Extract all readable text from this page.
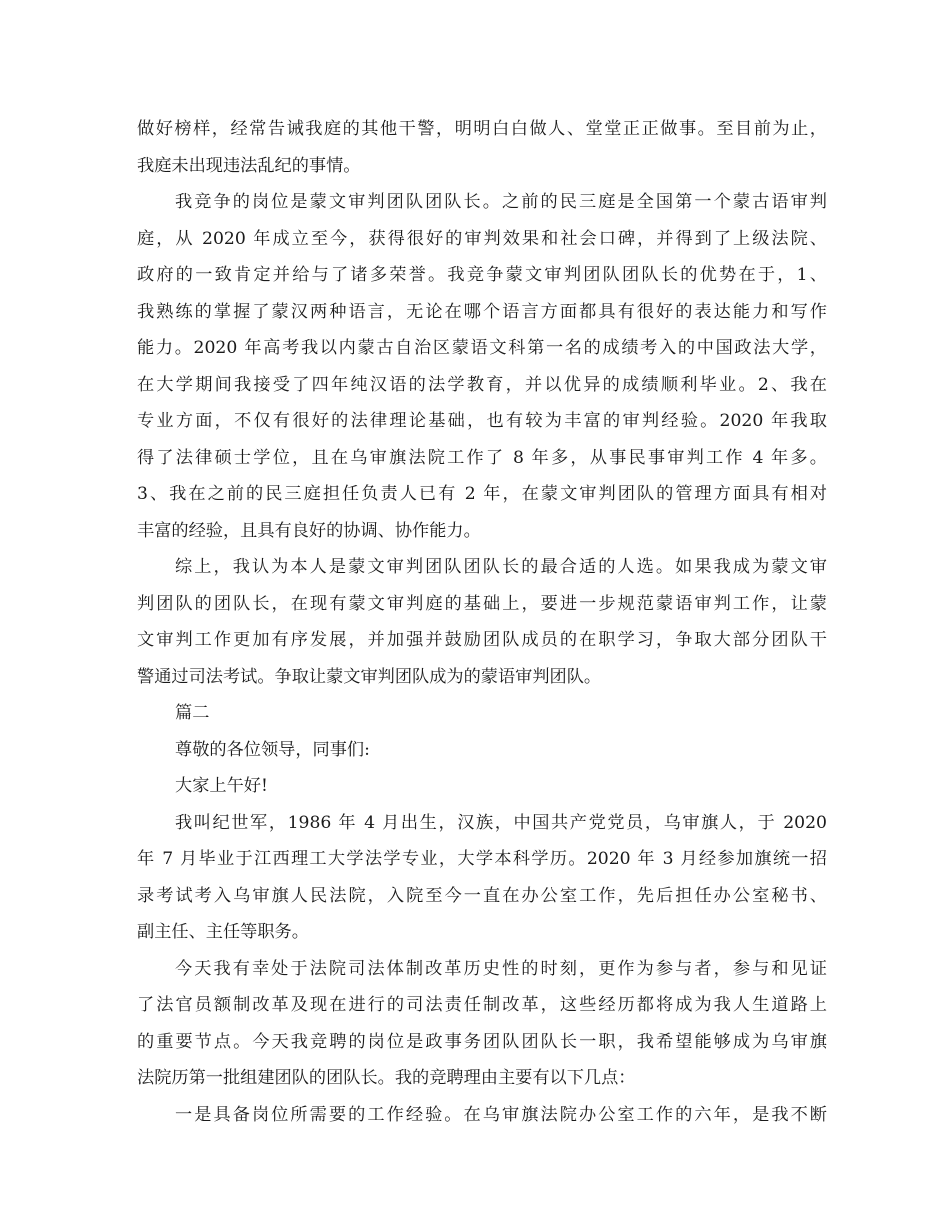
做好榜样，经常告诫我庭的其他干警，明明白白做人、堂堂正正做事。至目前为止，
我庭未出现违法乱纪的事情。
我竞争的岗位是蒙文审判团队团队长。之前的民三庭是全国第一个蒙古语审判
庭，从 2020 年成立至今，获得很好的审判效果和社会口碑，并得到了上级法院、
政府的一致肯定并给与了诸多荣誉。我竞争蒙文审判团队团队长的优势在于，1、
我熟练的掌握了蒙汉两种语言，无论在哪个语言方面都具有很好的表达能力和写作
能力。2020 年高考我以内蒙古自治区蒙语文科第一名的成绩考入的中国政法大学，
在大学期间我接受了四年纯汉语的法学教育，并以优异的成绩顺利毕业。2、我在
专业方面，不仅有很好的法律理论基础，也有较为丰富的审判经验。2020 年我取
得了法律硕士学位，且在乌审旗法院工作了 8 年多，从事民事审判工作 4 年多。
3、我在之前的民三庭担任负责人已有 2 年，在蒙文审判团队的管理方面具有相对
丰富的经验，且具有良好的协调、协作能力。
综上，我认为本人是蒙文审判团队团队长的最合适的人选。如果我成为蒙文审
判团队的团队长，在现有蒙文审判庭的基础上，要进一步规范蒙语审判工作，让蒙
文审判工作更加有序发展，并加强并鼓励团队成员的在职学习，争取大部分团队干
警通过司法考试。争取让蒙文审判团队成为的蒙语审判团队。
篇二
尊敬的各位领导，同事们:
大家上午好!
我叫纪世军，1986 年 4 月出生，汉族，中国共产党党员，乌审旗人，于 2020
年 7 月毕业于江西理工大学法学专业，大学本科学历。2020 年 3 月经参加旗统一招
录考试考入乌审旗人民法院，入院至今一直在办公室工作，先后担任办公室秘书、
副主任、主任等职务。
今天我有幸处于法院司法体制改革历史性的时刻，更作为参与者，参与和见证
了法官员额制改革及现在进行的司法责任制改革，这些经历都将成为我人生道路上
的重要节点。今天我竞聘的岗位是政事务团队团队长一职，我希望能够成为乌审旗
法院历第一批组建团队的团队长。我的竞聘理由主要有以下几点：
一是具备岗位所需要的工作经验。在乌审旗法院办公室工作的六年，是我不断
